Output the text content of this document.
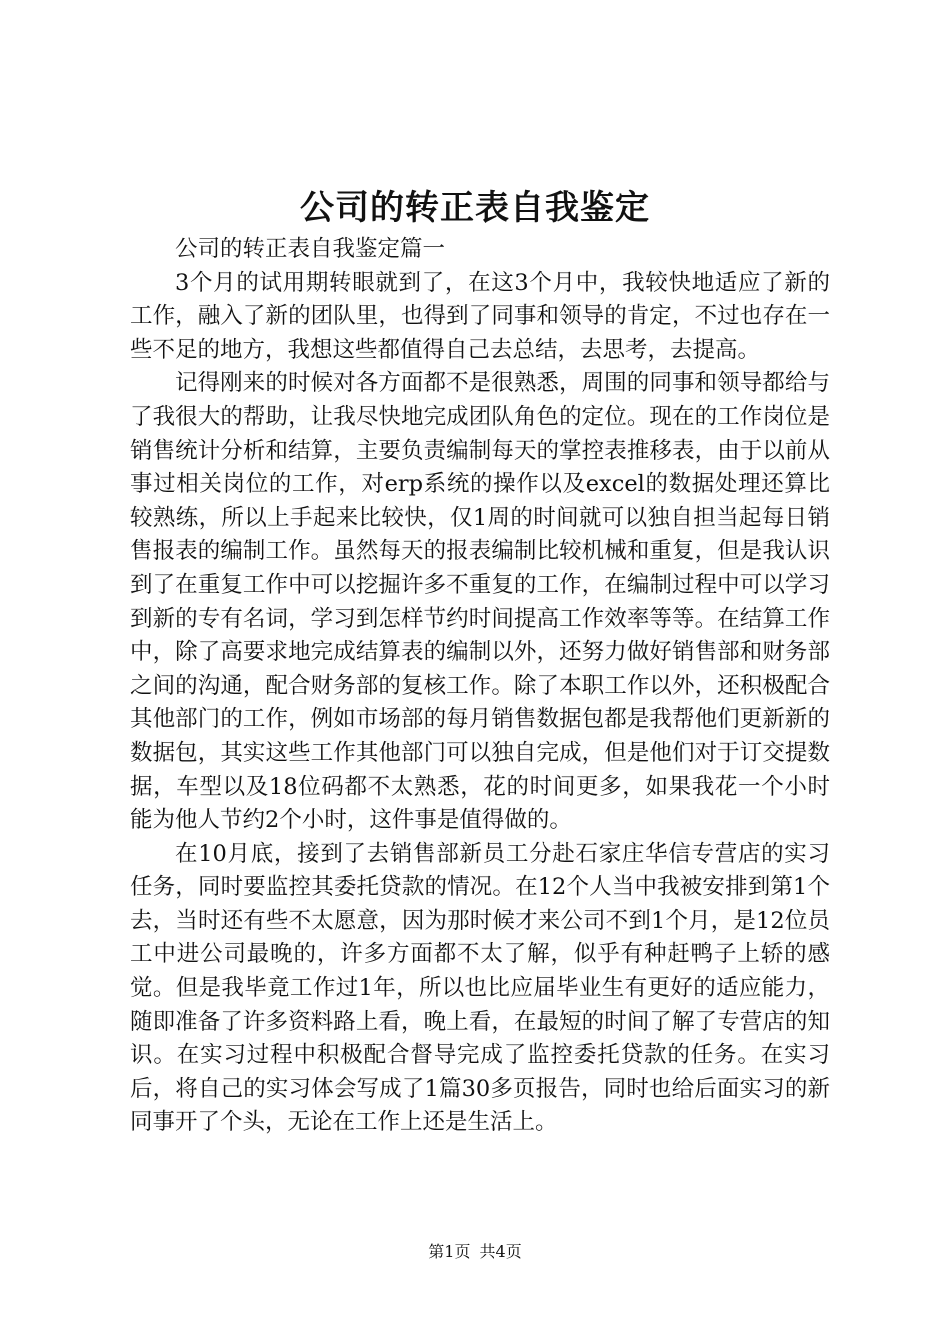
公司的转正表自我鉴定

公司的转正表自我鉴定篇一

3个月的试用期转眼就到了，在这3个月中，我较快地适应了新的工作，融入了新的团队里，也得到了同事和领导的肯定，不过也存在一些不足的地方，我想这些都值得自己去总结，去思考，去提高。

记得刚来的时候对各方面都不是很熟悉，周围的同事和领导都给与了我很大的帮助，让我尽快地完成团队角色的定位。现在的工作岗位是销售统计分析和结算，主要负责编制每天的掌控表推移表，由于以前从事过相关岗位的工作，对erp系统的操作以及excel的数据处理还算比较熟练，所以上手起来比较快，仅1周的时间就可以独自担当起每日销售报表的编制工作。虽然每天的报表编制比较机械和重复，但是我认识到了在重复工作中可以挖掘许多不重复的工作，在编制过程中可以学习到新的专有名词，学习到怎样节约时间提高工作效率等等。在结算工作中，除了高要求地完成结算表的编制以外，还努力做好销售部和财务部之间的沟通，配合财务部的复核工作。除了本职工作以外，还积极配合其他部门的工作，例如市场部的每月销售数据包都是我帮他们更新新的数据包，其实这些工作其他部门可以独自完成，但是他们对于订交提数据，车型以及18位码都不太熟悉，花的时间更多，如果我花一个小时能为他人节约2个小时，这件事是值得做的。

在10月底，接到了去销售部新员工分赴石家庄华信专营店的实习任务，同时要监控其委托贷款的情况。在12个人当中我被安排到第1个去，当时还有些不太愿意，因为那时候才来公司不到1个月，是12位员工中进公司最晚的，许多方面都不太了解，似乎有种赶鸭子上轿的感觉。但是我毕竟工作过1年，所以也比应届毕业生有更好的适应能力，随即准备了许多资料路上看，晚上看，在最短的时间了解了专营店的知识。在实习过程中积极配合督导完成了监控委托贷款的任务。在实习后，将自己的实习体会写成了1篇30多页报告，同时也给后面实习的新同事开了个头，无论在工作上还是生活上。

第1页 共4页
